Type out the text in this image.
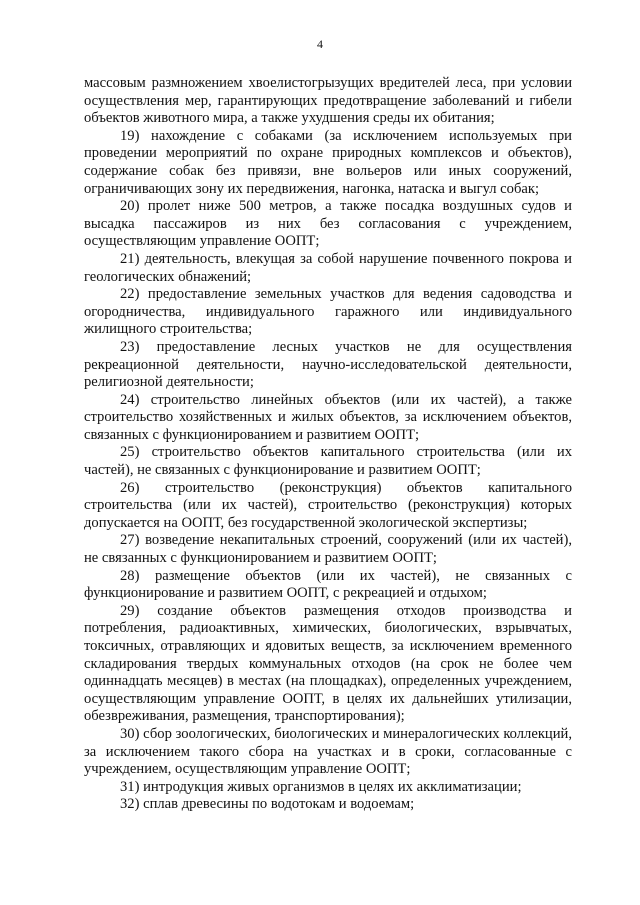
4

массовым размножением хвоелистогрызущих вредителей леса, при условии осуществления мер, гарантирующих предотвращение заболеваний и гибели объектов животного мира, а также ухудшения среды их обитания;

19) нахождение с собаками (за исключением используемых при проведении мероприятий по охране природных комплексов и объектов), содержание собак без привязи, вне вольеров или иных сооружений, ограничивающих зону их передвижения, нагонка, натаска и выгул собак;

20) пролет ниже 500 метров, а также посадка воздушных судов и высадка пассажиров из них без согласования с учреждением, осуществляющим управление ООПТ;

21) деятельность, влекущая за собой нарушение почвенного покрова и геологических обнажений;

22) предоставление земельных участков для ведения садоводства и огородничества, индивидуального гаражного или индивидуального жилищного строительства;

23) предоставление лесных участков не для осуществления рекреационной деятельности, научно-исследовательской деятельности, религиозной деятельности;

24) строительство линейных объектов (или их частей), а также строительство хозяйственных и жилых объектов, за исключением объектов, связанных с функционированием и развитием ООПТ;

25) строительство объектов капитального строительства (или их частей), не связанных с функционирование и развитием ООПТ;

26) строительство (реконструкция) объектов капитального строительства (или их частей), строительство (реконструкция) которых допускается на ООПТ, без государственной экологической экспертизы;

27) возведение некапитальных строений, сооружений (или их частей), не связанных с функционированием и развитием ООПТ;

28) размещение объектов (или их частей), не связанных с функционирование и развитием ООПТ, с рекреацией и отдыхом;

29) создание объектов размещения отходов производства и потребления, радиоактивных, химических, биологических, взрывчатых, токсичных, отравляющих и ядовитых веществ, за исключением временного складирования твердых коммунальных отходов (на срок не более чем одиннадцать месяцев) в местах (на площадках), определенных учреждением, осуществляющим управление ООПТ, в целях их дальнейших утилизации, обезвреживания, размещения, транспортирования);

30) сбор зоологических, биологических и минералогических коллекций, за исключением такого сбора на участках и в сроки, согласованные с учреждением, осуществляющим управление ООПТ;

31) интродукция живых организмов в целях их акклиматизации;

32) сплав древесины по водотокам и водоемам;
